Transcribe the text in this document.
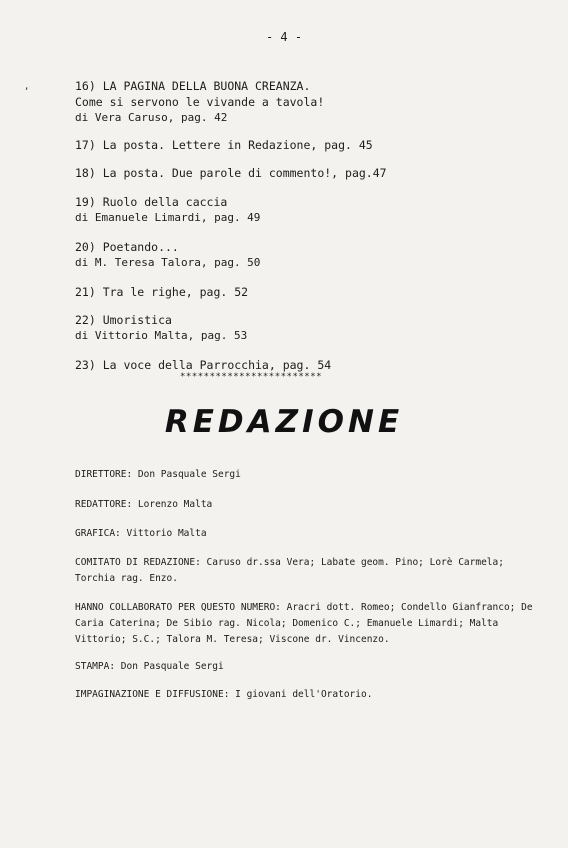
- 4 -
,	16) LA PAGINA DELLA BUONA CREANZA.
Come si servono le vivande a tavola!
di Vera Caruso, pag. 42
17) La posta. Lettere in Redazione, pag. 45
18) La posta. Due parole di commento!, pag.47
19) Ruolo della caccia
di Emanuele Limardi, pag. 49
20) Poetando...
di M. Teresa Talora, pag. 50
21) Tra le righe, pag. 52
22) Umoristica
di Vittorio Malta, pag. 53
23) La voce della Parrocchia, pag. 54
************************
REDAZIONE
DIRETTORE: Don Pasquale Sergi
REDATTORE: Lorenzo Malta
GRAFICA: Vittorio Malta
COMITATO DI REDAZIONE: Caruso dr.ssa Vera; Labate geom. Pino; Lorè Carmela; Torchia rag. Enzo.
HANNO COLLABORATO PER QUESTO NUMERO: Aracri dott. Romeo; Condello Gianfranco; De Caria Caterina; De Sibio rag. Nicola; Domenico C.; Emanuele Limardi; Malta Vittorio; S.C.; Talora M. Teresa; Viscone dr. Vincenzo.
STAMPA: Don Pasquale Sergi
IMPAGINAZIONE E DIFFUSIONE: I giovani dell'Oratorio.
